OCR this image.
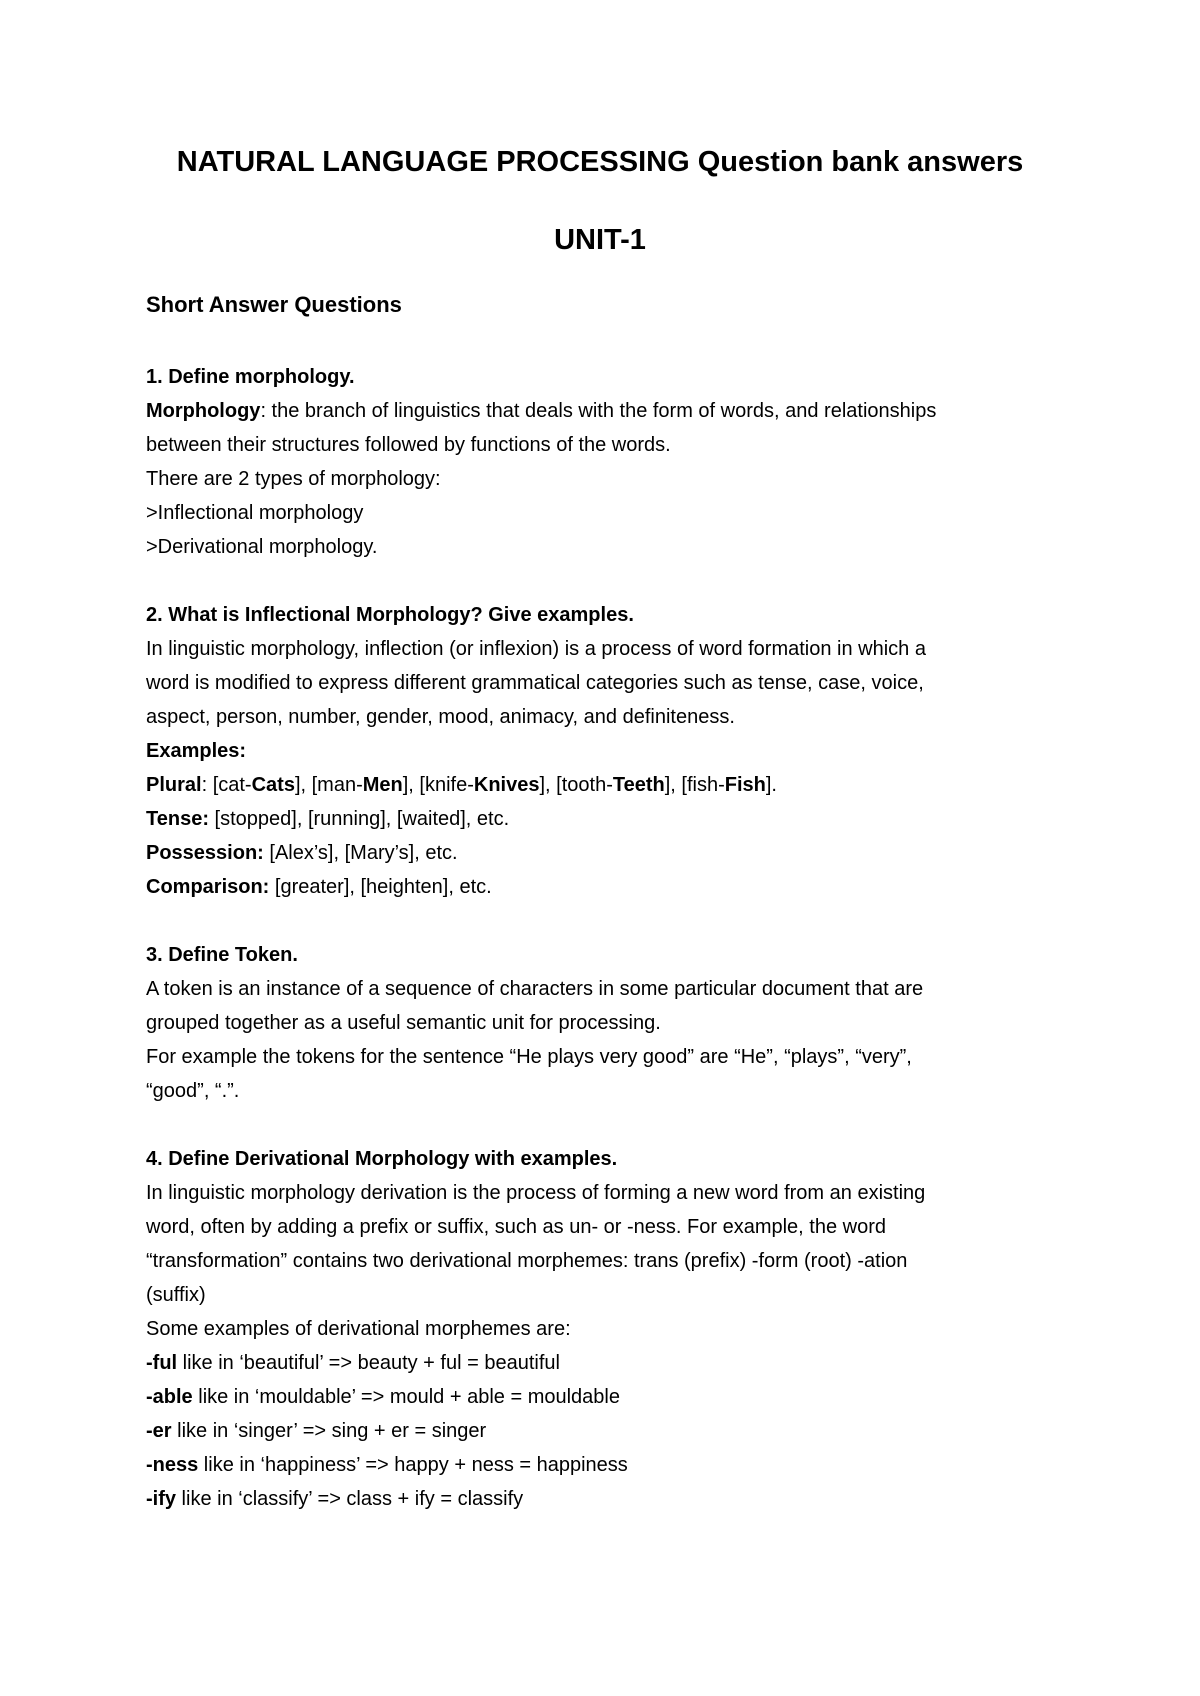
NATURAL LANGUAGE PROCESSING Question bank answers
UNIT-1
Short Answer Questions
1. Define morphology.
Morphology: the branch of linguistics that deals with the form of words, and relationships
between their structures followed by functions of the words.
There are 2 types of morphology:
>Inflectional morphology
>Derivational morphology.
2. What is Inflectional Morphology? Give examples.
In linguistic morphology, inflection (or inflexion) is a process of word formation in which a
word is modified to express different grammatical categories such as tense, case, voice,
aspect, person, number, gender, mood, animacy, and definiteness.
Examples:
Plural: [cat-Cats], [man-Men], [knife-Knives], [tooth-Teeth], [fish-Fish].
Tense: [stopped], [running], [waited], etc.
Possession: [Alex’s], [Mary’s], etc.
Comparison: [greater], [heighten], etc.
3. Define Token.
A token is an instance of a sequence of characters in some particular document that are
grouped together as a useful semantic unit for processing.
For example the tokens for the sentence “He plays very good” are “He”, “plays”, “very”,
“good”, “.”.
4. Define Derivational Morphology with examples.
In linguistic morphology derivation is the process of forming a new word from an existing
word, often by adding a prefix or suffix, such as un- or -ness. For example, the word
“transformation” contains two derivational morphemes: trans (prefix) -form (root) -ation
(suffix)
Some examples of derivational morphemes are:
-ful like in ‘beautiful’ => beauty + ful = beautiful
-able like in ‘mouldable’ => mould + able = mouldable
-er like in ‘singer’ => sing + er = singer
-ness like in ‘happiness’ => happy + ness = happiness
-ify like in ‘classify’ => class + ify = classify
